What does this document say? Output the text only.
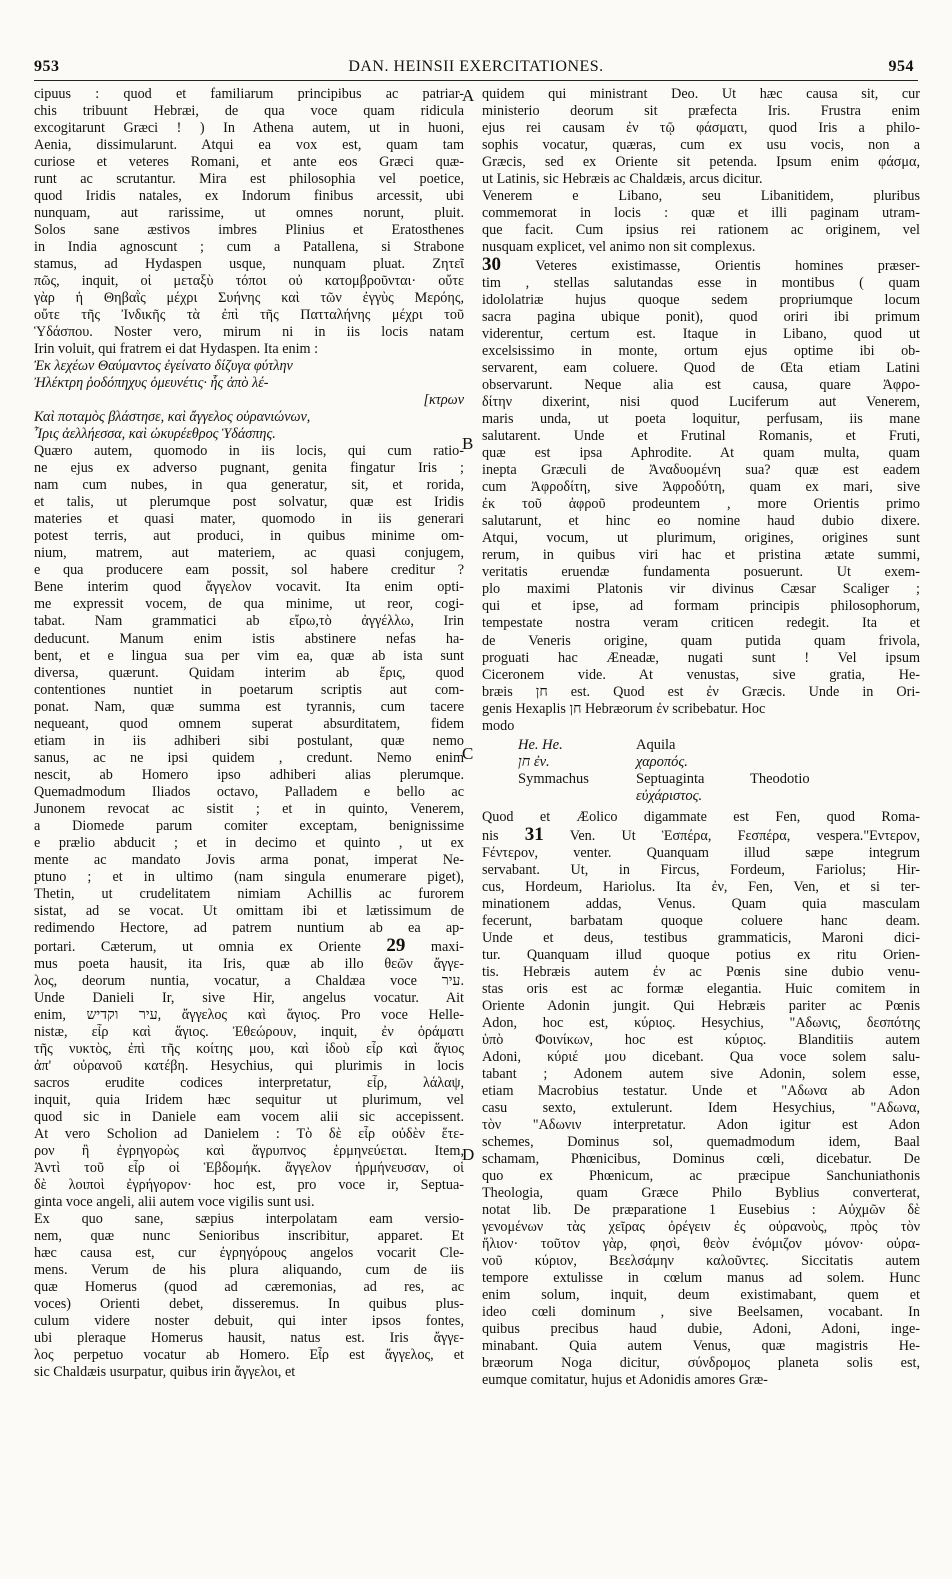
953	DAN. HEINSII EXERCITATIONES.	954
A
B
C
D
cipuus : quod et familiarum principibus ac patriar-
chis tribuunt Hebræi, de qua voce quam ridicula
excogitarunt Græci ! ) In Athena autem, ut in huoni,
Aenia, dissimularunt. Atqui ea vox est, quam tam
curiose et veteres Romani, et ante eos Græci quæ-
runt ac scrutantur. Mira est philosophia vel poetice,
quod Iridis natales, ex Indorum finibus arcessit, ubi
nunquam, aut rarissime, ut omnes norunt, pluit.
Solos sane æstivos imbres Plinius et Eratosthenes
in India agnoscunt ; cum a Patallena, si Strabone
stamus, ad Hydaspen usque, nunquam pluat. Ζητεῖ
πῶς, inquit, οἱ μεταξὺ τόποι οὐ κατομβροῦνται· οὔτε
γὰρ ἡ Θηβαῒς μέχρι Συήνης καὶ τῶν ἐγγὺς Μερόης,
οὔτε τῆς Ἰνδικῆς τὰ ἐπὶ τῆς Πατταλήνης μέχρι τοῦ
Ὑδάσπου. Noster vero, mirum ni in iis locis natam
Irin voluit, qui fratrem ei dat Hydaspen. Ita enim :
Ἐκ λεχέων Θαύμαντος ἐγείνατο δίζυγα φύτλην
Ἠλέκτρη ῥοδόπηχυς ὁμευνέτις· ἧς ἀπὸ λέ-
[κτρων
Καὶ ποταμὸς βλάστησε, καὶ ἄγγελος οὐρανιώνων,
Ἶρις ἀελλήεσσα, καὶ ὠκυρέεθρος Ὑδάσπης.
Quæro autem, quomodo in iis locis, qui cum ratio-
ne ejus ex adverso pugnant, genita fingatur Iris ;
nam cum nubes, in qua generatur, sit, et rorida,
et talis, ut plerumque post solvatur, quæ est Iridis
materies et quasi mater, quomodo in iis generari
potest terris, aut produci, in quibus minime om-
nium, matrem, aut materiem, ac quasi conjugem,
e qua producere eam possit, sol habere creditur ?
Bene interim quod ἄγγελον vocavit. Ita enim opti-
me expressit vocem, de qua minime, ut reor, cogi-
tabat. Nam grammatici ab εἴρω,τὸ ἀγγέλλω, Irin
deducunt. Manum enim istis abstinere nefas ha-
bent, et e lingua sua per vim ea, quæ ab ista sunt
diversa, quærunt. Quidam interim ab ἔρις, quod
contentiones nuntiet in poetarum scriptis aut com-
ponat. Nam, quæ summa est tyrannis, cum tacere
nequeant, quod omnem superat absurditatem, fidem
etiam in iis adhiberi sibi postulant, quæ nemo
sanus, ac ne ipsi quidem , credunt. Nemo enim
nescit, ab Homero ipso adhiberi alias plerumque.
Quemadmodum Iliados octavo, Palladem e bello ac
Junonem revocat ac sistit ; et in quinto, Venerem,
a Diomede parum comiter exceptam, benignissime
e prælio abducit ; et in decimo et quinto , ut ex
mente ac mandato Jovis arma ponat, imperat Ne-
ptuno ; et in ultimo (nam singula enumerare piget),
Thetin, ut crudelitatem nimiam Achillis ac furorem
sistat, ad se vocat. Ut omittam ibi et lætissimum de
redimendo Hectore, ad patrem nuntium ab ea ap-
portari. Cæterum, ut omnia ex Oriente 29 maxi-
mus poeta hausit, ita Iris, quæ ab illo θεῶν ἄγγε-
λος, deorum nuntia, vocatur, a Chaldæa voce עיר.
Unde Danieli Ir, sive Hir, angelus vocatur. Ait
enim, עיר וקדיש, ἄγγελος καὶ ἅγιος. Pro voce Helle-
nistæ, εἶρ καὶ ἅγιος. Ἐθεώρουν, inquit, ἐν ὁράματι
τῆς νυκτὸς, ἐπὶ τῆς κοίτης μου, καὶ ἰδοὺ εἶρ καὶ ἅγιος
ἀπ' οὐρανοῦ κατέβη. Hesychius, qui plurimis in locis
sacros erudite codices interpretatur, εἶρ, λάλαψ,
inquit, quia Iridem hæc sequitur ut plurimum, vel
quod sic in Daniele eam vocem alii sic accepissent.
At vero Scholion ad Danielem : Τὸ δὲ εἶρ οὐδὲν ἕτε-
ρον ἢ ἐγρηγορὼς καὶ ἄγρυπνος ἑρμηνεύεται. Item,
Ἀντὶ τοῦ εἶρ οἱ Ἑβδομήκ. ἄγγελον ἡρμήνευσαν, οἱ
δὲ λοιποὶ ἐγρήγορον· hoc est, pro voce ir, Septua-
ginta voce angeli, alii autem voce vigilis sunt usi.
Ex quo sane, sæpius interpolatam eam versio-
nem, quæ nunc Senioribus inscribitur, apparet. Et
hæc causa est, cur ἐγρηγόρους angelos vocarit Cle-
mens. Verum de his plura aliquando, cum de iis
quæ Homerus (quod ad cæremonias, ad res, ac
voces) Orienti debet, disseremus. In quibus plus-
culum videre noster debuit, qui inter ipsos fontes,
ubi pleraque Homerus hausit, natus est. Iris ἄγγε-
λος perpetuo vocatur ab Homero. Εἶρ est ἄγγελος, et
sic Chaldæis usurpatur, quibus irin ἄγγελοι, et
quidem qui ministrant Deo. Ut hæc causa sit, cur
ministerio deorum sit præfecta Iris. Frustra enim
ejus rei causam ἐν τῷ φάσματι, quod Iris a philo-
sophis vocatur, quæras, cum ex usu vocis, non a
Græcis, sed ex Oriente sit petenda. Ipsum enim φάσμα,
ut Latinis, sic Hebræis ac Chaldæis, arcus dicitur.
Venerem e Libano, seu Libanitidem, pluribus
commemorat in locis : quæ et illi paginam utram-
que facit. Cum ipsius rei rationem ac originem, vel
nusquam explicet, vel animo non sit complexus.
30 Veteres existimasse, Orientis homines præser-
tim , stellas salutandas esse in montibus ( quam
idololatriæ hujus quoque sedem propriumque locum
sacra pagina ubique ponit), quod oriri ibi primum
viderentur, certum est. Itaque in Libano, quod ut
excelsissimo in monte, ortum ejus optime ibi ob-
servarent, eam coluere. Quod de Œta etiam Latini
observarunt. Neque alia est causa, quare Ἀφρο-
δίτην dixerint, nisi quod Luciferum aut Venerem,
maris unda, ut poeta loquitur, perfusam, iis mane
salutarent. Unde et Frutinal Romanis, et Fruti,
quæ est ipsa Aphrodite. At quam multa, quam
inepta Græculi de Ἀναδυομένη sua? quæ est eadem
cum Ἀφροδίτη, sive Ἀφροδύτη, quam ex mari, sive
ἐκ τοῦ ἀφροῦ prodeuntem , more Orientis primo
salutarunt, et hinc eo nomine haud dubio dixere.
Atqui, vocum, ut plurimum, origines, origines sunt
rerum, in quibus viri hac et pristina ætate summi,
veritatis eruendæ fundamenta posuerunt. Ut exem-
plo maximi Platonis vir divinus Cæsar Scaliger ;
qui et ipse, ad formam principis philosophorum,
tempestate nostra veram criticen redegit. Ita et
de Veneris origine, quam putida quam frivola,
proguati hac Æneadæ, nugati sunt ! Vel ipsum
Ciceronem vide. At venustas, sive gratia, He-
bræis חן est. Quod est ἐν Græcis. Unde in Ori-
genis Hexaplis חן Hebræorum ἐν scribebatur. Hoc
modo
He. He.	Aquila
חן ἐν.	χαροπός.
Symmachus	Septuaginta	Theodotio
εὐχάριστος.
Quod et Æolico digammate est Fen, quod Roma-
nis 31 Ven. Ut Ἑσπέρα, Ϝεσπέρα, vespera."Εντερον,
Ϝέντερον, venter. Quanquam illud sæpe integrum
servabant. Ut, in Fircus, Fordeum, Fariolus; Hir-
cus, Hordeum, Hariolus. Ita ἐν, Fen, Ven, et si ter-
minationem addas, Venus. Quam quia masculam
fecerunt, barbatam quoque coluere hanc deam.
Unde et deus, testibus grammaticis, Maroni dici-
tur. Quanquam illud quoque potius ex ritu Orien-
tis. Hebræis autem ἐν ac Pœnis sine dubio venu-
stas oris est ac formæ elegantia. Huic comitem in
Oriente Adonin jungit. Qui Hebræis pariter ac Pœnis
Adon, hoc est, κύριος. Hesychius, "Αδωνις, δεσπότης
ὑπὸ Φοινίκων, hoc est κύριος. Blanditiis autem
Adoni, κύριέ μου dicebant. Qua voce solem salu-
tabant ; Adonem autem sive Adonin, solem esse,
etiam Macrobius testatur. Unde et "Αδωνα ab Adon
casu sexto, extulerunt. Idem Hesychius, "Αδωνα,
τὸν "Αδωνιν interpretatur. Adon igitur est Adon
schemes, Dominus sol, quemadmodum idem, Baal
schamam, Phœnicibus, Dominus cœli, dicebatur. De
quo ex Phœnicum, ac præcipue Sanchuniathonis
Theologia, quam Græce Philo Byblius converterat,
notat lib. De præparatione 1 Eusebius : Αὐχμῶν δὲ
γενομένων τὰς χεῖρας ὀρέγειν ἐς οὐρανοὺς, πρὸς τὸν
ἥλιον· τοῦτον γὰρ, φησὶ, θεὸν ἐνόμιζον μόνον· οὐρα-
νοῦ κύριον, Βεελσάμην καλοῦντες. Siccitatis autem
tempore extulisse in cœlum manus ad solem. Hunc
enim solum, inquit, deum existimabant, quem et
ideo cœli dominum , sive Beelsamen, vocabant. In
quibus precibus haud dubie, Adoni, Adoni, inge-
minabant. Quia autem Venus, quæ magistris He-
bræorum Noga dicitur, σύνδρομος planeta solis est,
eumque comitatur, hujus et Adonidis amores Græ-
